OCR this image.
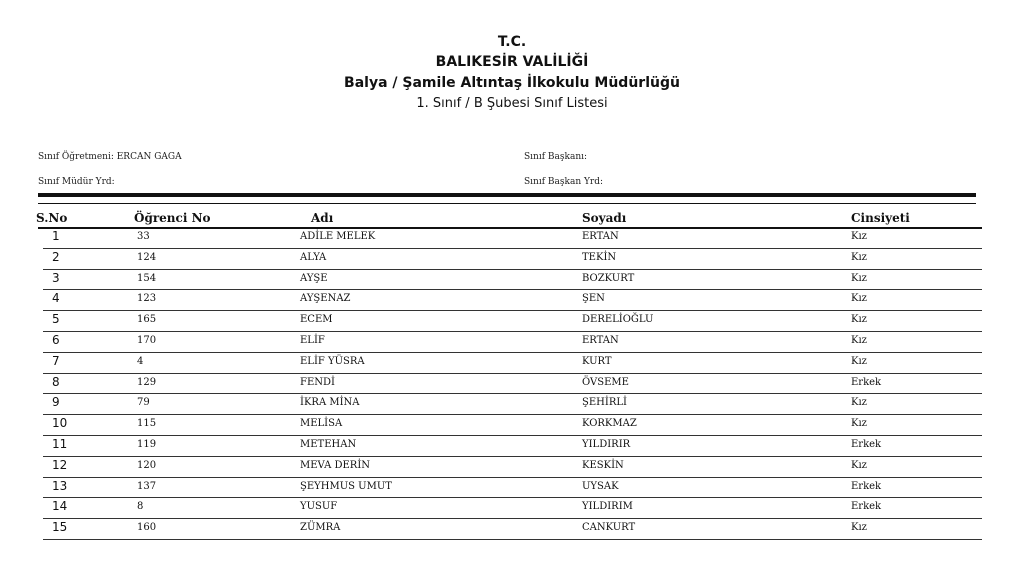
T.C.
BALIKESİR VALİLİĞİ
Balya / Şamile Altıntaş İlkokulu Müdürlüğü
1. Sınıf / B Şubesi Sınıf Listesi
Sınıf Öğretmeni: ERCAN GAGA
Sınıf Müdür Yrd:
Sınıf Başkanı:
Sınıf Başkan Yrd:
S.No	Öğrenci No	Adı	Soyadı	Cinsiyeti
1	33	ADİLE MELEK	ERTAN	Kız
2	124	ALYA	TEKİN	Kız
3	154	AYŞE	BOZKURT	Kız
4	123	AYŞENAZ	ŞEN	Kız
5	165	ECEM	DERELİOĞLU	Kız
6	170	ELİF	ERTAN	Kız
7	4	ELİF YÜSRA	KURT	Kız
8	129	FENDİ	ÖVSEME	Erkek
9	79	İKRA MİNA	ŞEHİRLİ	Kız
10	115	MELİSA	KORKMAZ	Kız
11	119	METEHAN	YILDIRIR	Erkek
12	120	MEVA DERİN	KESKİN	Kız
13	137	ŞEYHMUS UMUT	UYSAK	Erkek
14	8	YUSUF	YILDIRIM	Erkek
15	160	ZÜMRA	CANKURT	Kız
